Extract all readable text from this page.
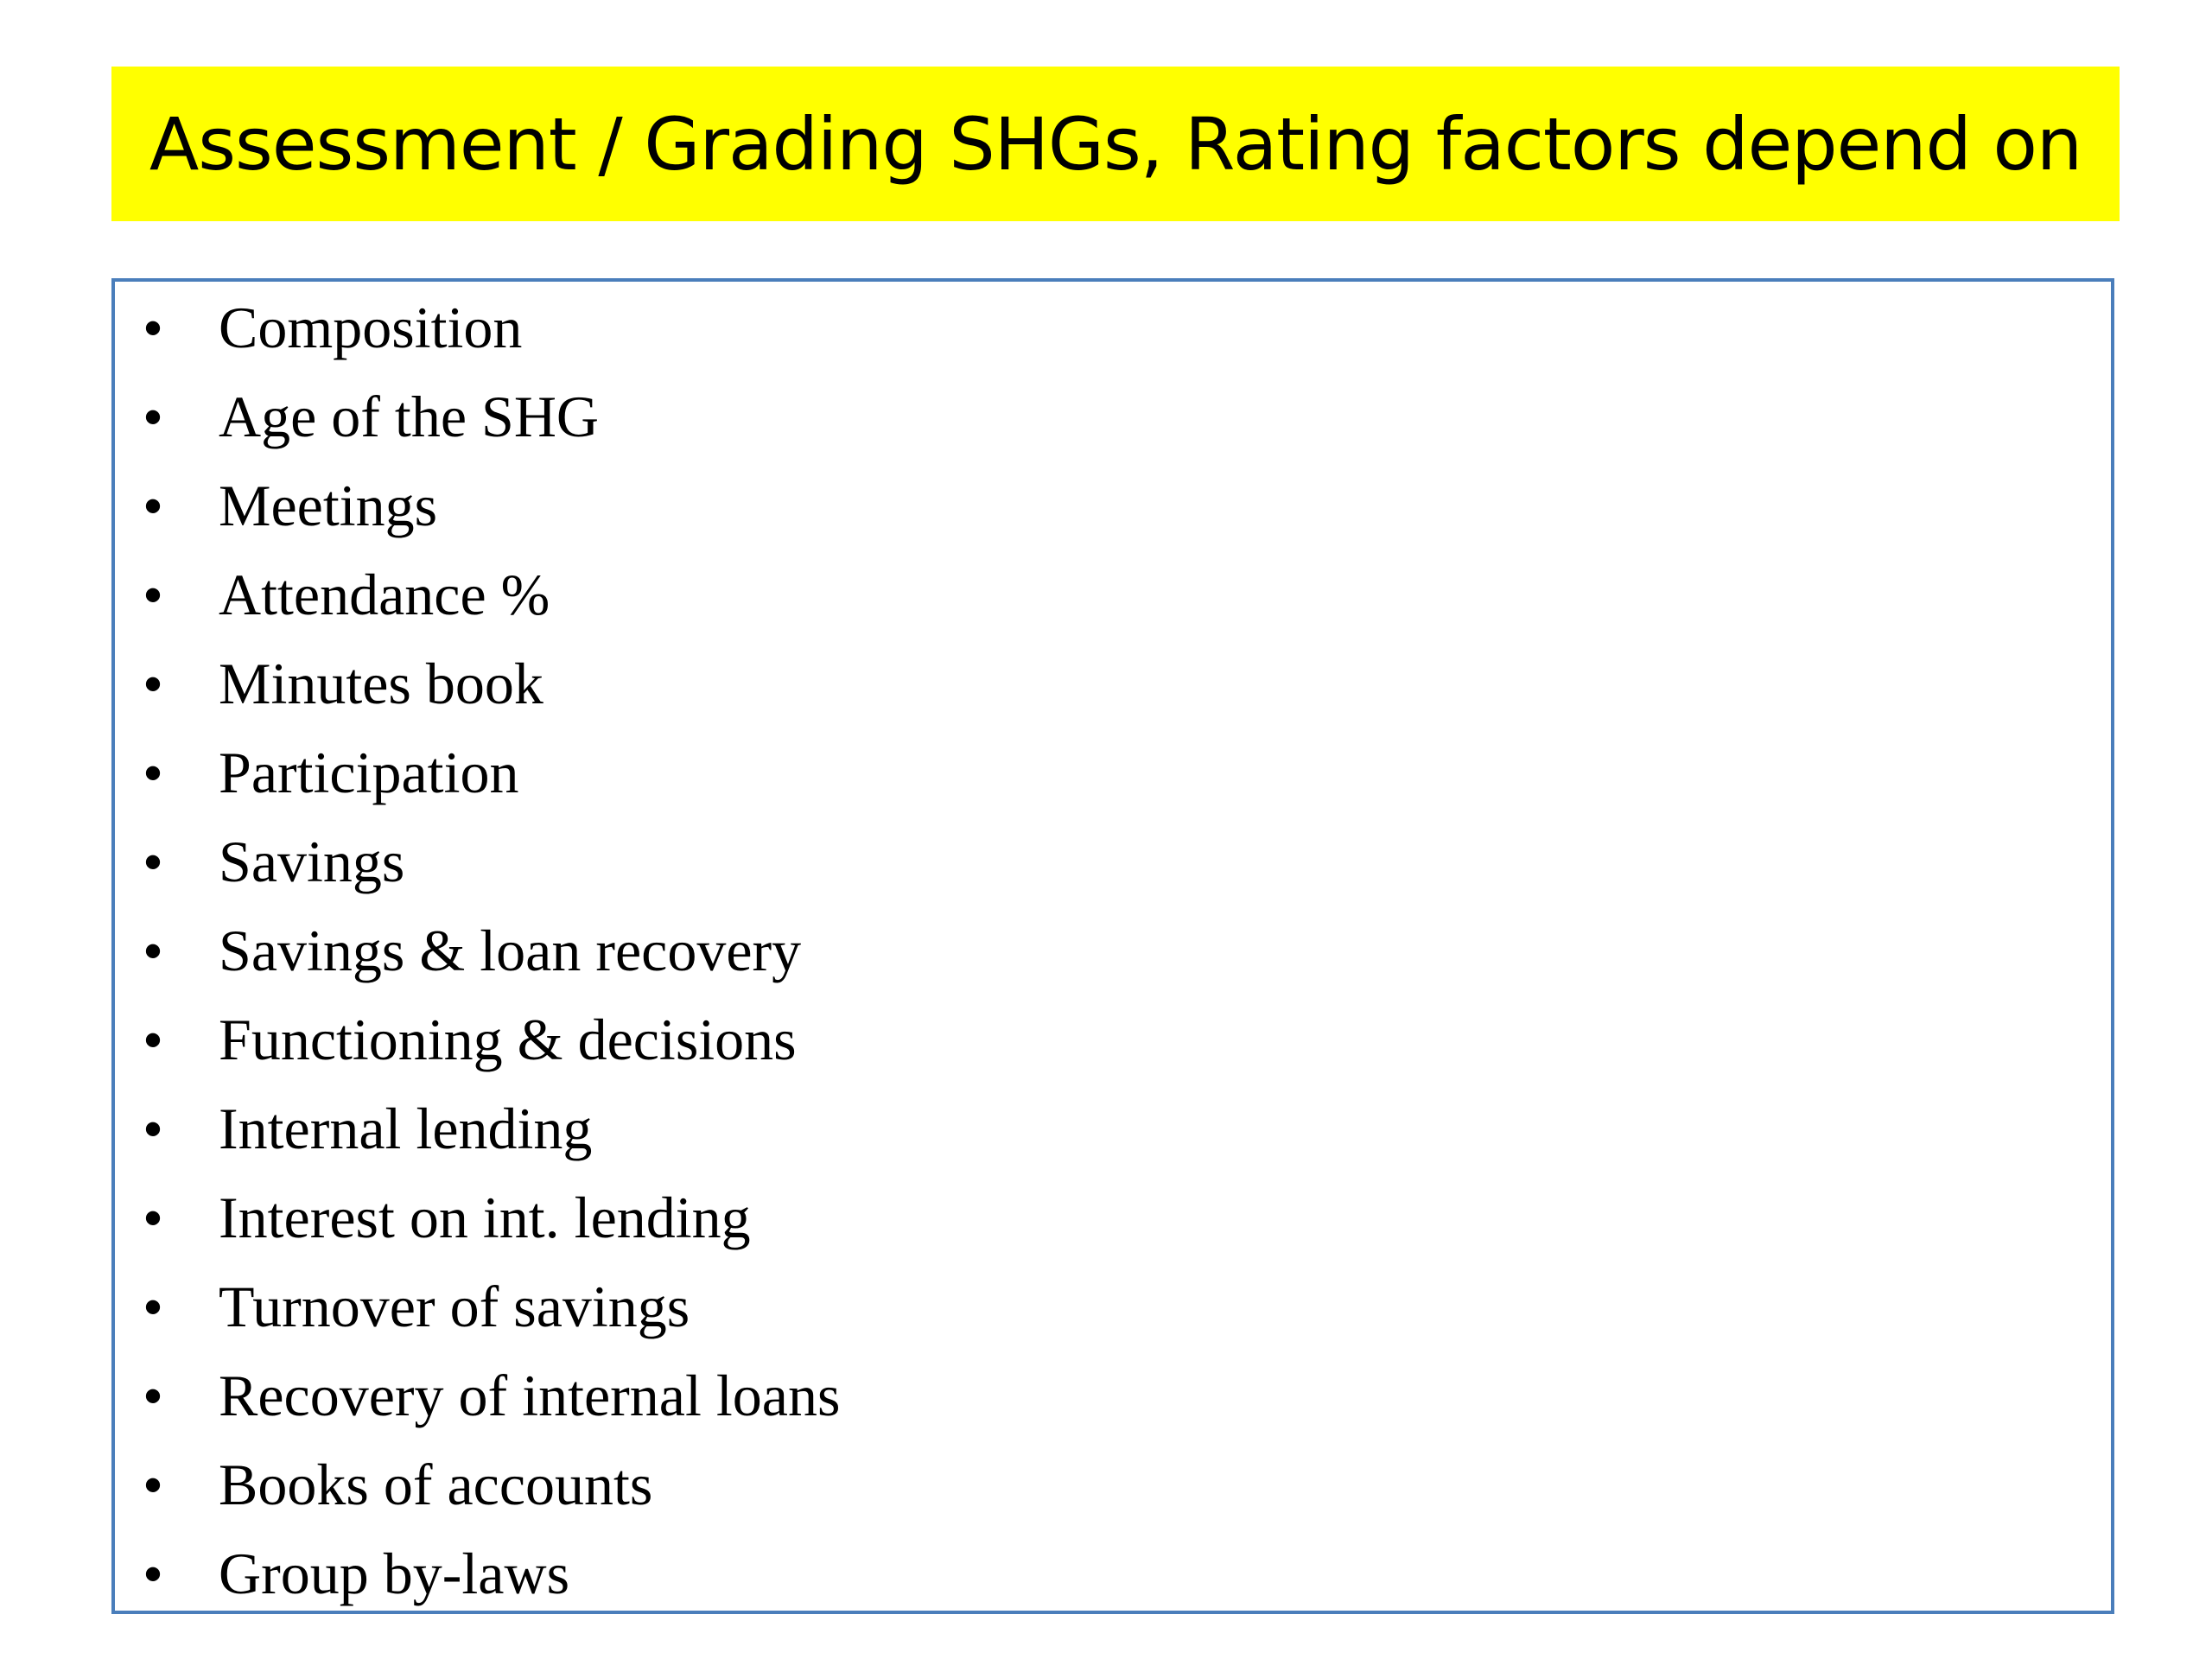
Assessment / Grading SHGs, Rating factors depend on
• Composition
• Age of the SHG
• Meetings
• Attendance %
• Minutes book
• Participation
• Savings
• Savings & loan recovery
• Functioning & decisions
• Internal lending
• Interest on int. lending
• Turnover of savings
• Recovery of internal loans
• Books of accounts
• Group by-laws
